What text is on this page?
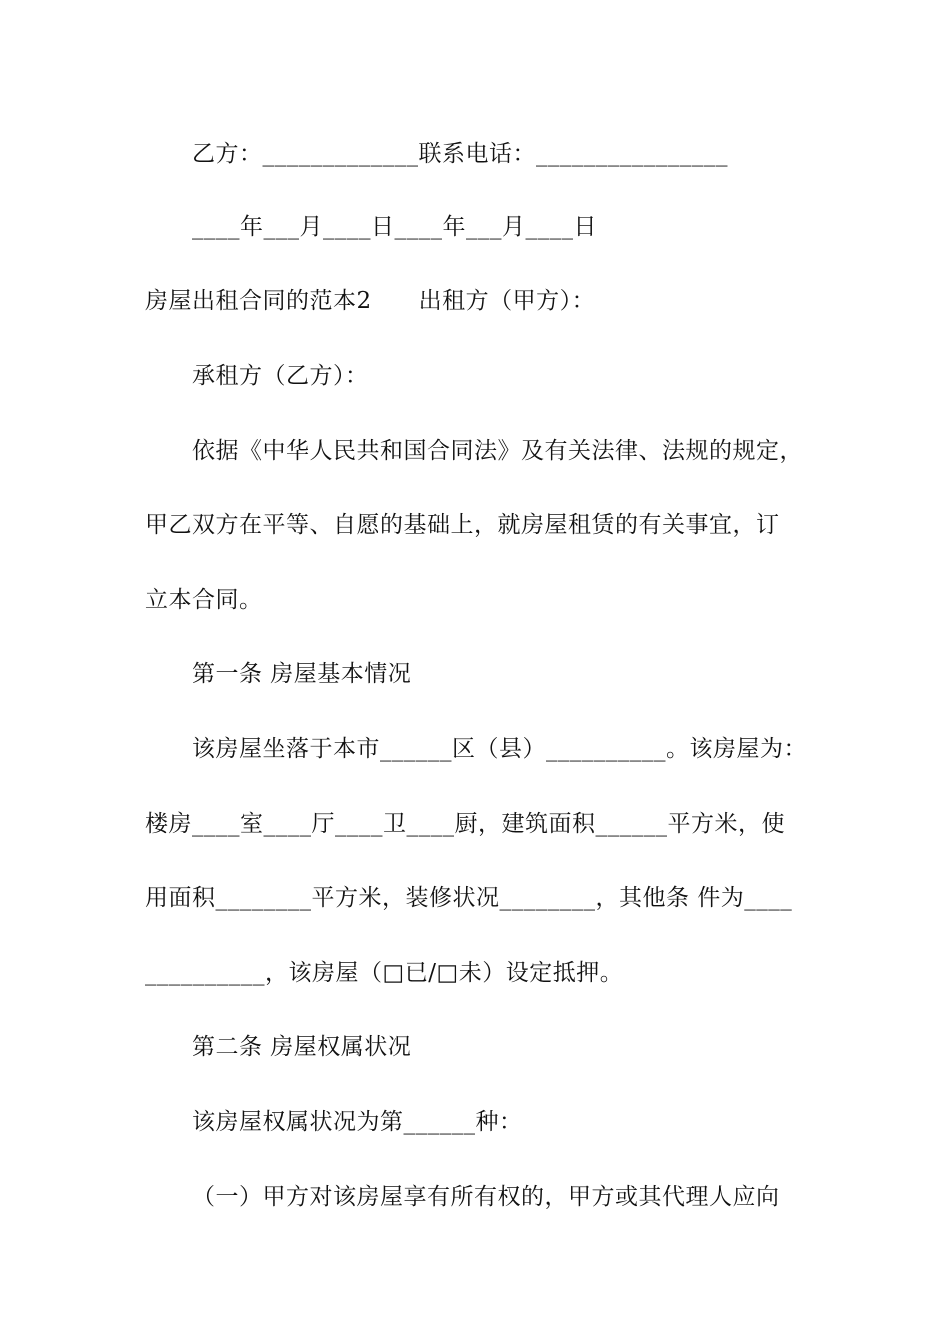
乙方：_____________联系电话：________________
____年___月____日____年___月____日
房屋出租合同的范本2　　出租方（甲方）：
承租方（乙方）：
依据《中华人民共和国合同法》及有关法律、法规的规定，
甲乙双方在平等、自愿的基础上，就房屋租赁的有关事宜，订
立本合同。
第一条 房屋基本情况
该房屋坐落于本市______区（县）__________。该房屋为：
楼房____室____厅____卫____厨，建筑面积______平方米，使
用面积________平方米，装修状况________，其他条 件为____
__________，该房屋（□已/□未）设定抵押。
第二条 房屋权属状况
该房屋权属状况为第______种：
（一）甲方对该房屋享有所有权的，甲方或其代理人应向
